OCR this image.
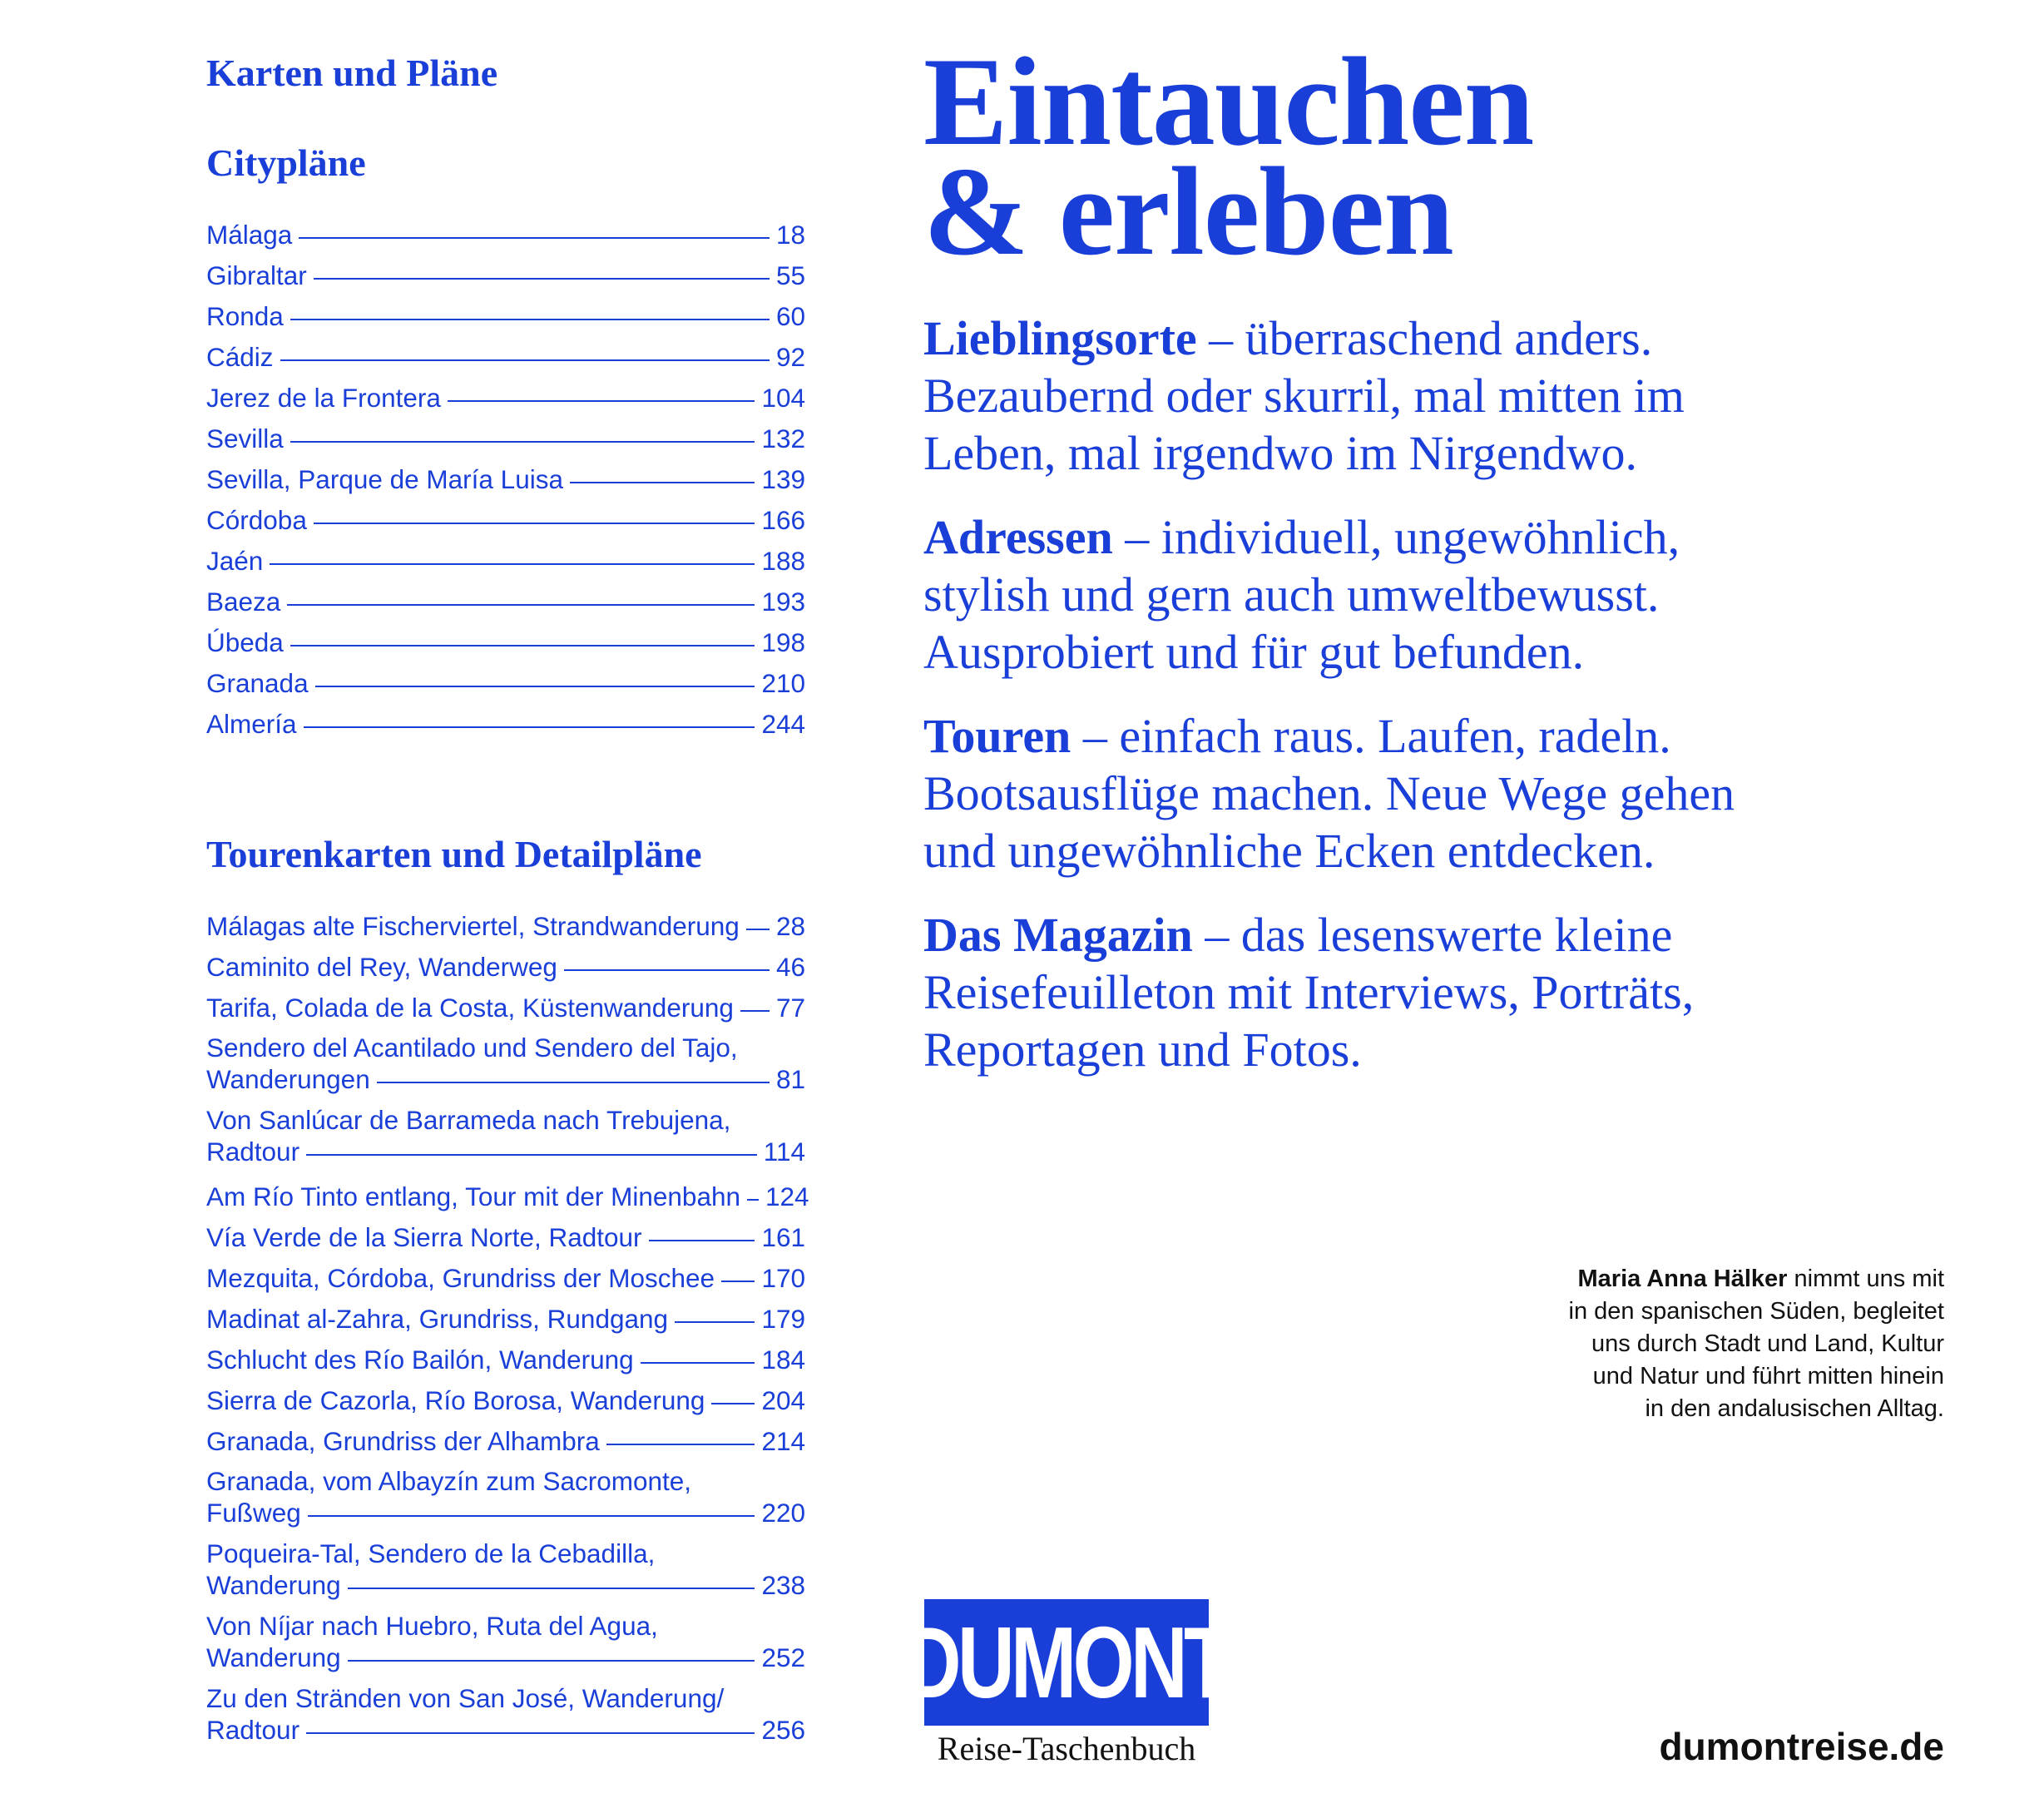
Karten und Pläne
Citypläne
Málaga	18
Gibraltar	55
Ronda	60
Cádiz	92
Jerez de la Frontera	104
Sevilla	132
Sevilla, Parque de María Luisa	139
Córdoba	166
Jaén	188
Baeza	193
Úbeda	198
Granada	210
Almería	244
Tourenkarten und Detailpläne
Málagas alte Fischerviertel, Strandwanderung 28
Caminito del Rey, Wanderweg	46
Tarifa, Colada de la Costa, Küstenwanderung 77
Sendero del Acantilado und Sendero del Tajo,
Wanderungen	81
Von Sanlúcar de Barrameda nach Trebujena,
Radtour	114
Am Río Tinto entlang, Tour mit der Minenbahn 124
Vía Verde de la Sierra Norte, Radtour	161
Mezquita, Córdoba, Grundriss der Moschee 170
Madinat al-Zahra, Grundriss, Rundgang	179
Schlucht des Río Bailón, Wanderung	184
Sierra de Cazorla, Río Borosa, Wanderung 204
Granada, Grundriss der Alhambra	214
Granada, vom Albayzín zum Sacromonte,
Fußweg	220
Poqueira-Tal, Sendero de la Cebadilla,
Wanderung	238
Von Níjar nach Huebro, Ruta del Agua,
Wanderung	252
Zu den Stränden von San José, Wanderung/
Radtour	256
Eintauchen
& erleben

Lieblingsorte – überraschend anders.
Bezaubernd oder skurril, mal mitten im
Leben, mal irgendwo im Nirgendwo.

Adressen – individuell, ungewöhnlich,
stylish und gern auch umweltbewusst.
Ausprobiert und für gut befunden.

Touren – einfach raus. Laufen, radeln.
Bootsausflüge machen. Neue Wege gehen
und ungewöhnliche Ecken entdecken.

Das Magazin – das lesenswerte kleine
Reisefeuilleton mit Interviews, Porträts,
Reportagen und Fotos.

Maria Anna Hälker nimmt uns mit
in den spanischen Süden, begleitet
uns durch Stadt und Land, Kultur
und Natur und führt mitten hinein
in den andalusischen Alltag.
DUMONT
Reise-Taschenbuch	dumontreise.de
